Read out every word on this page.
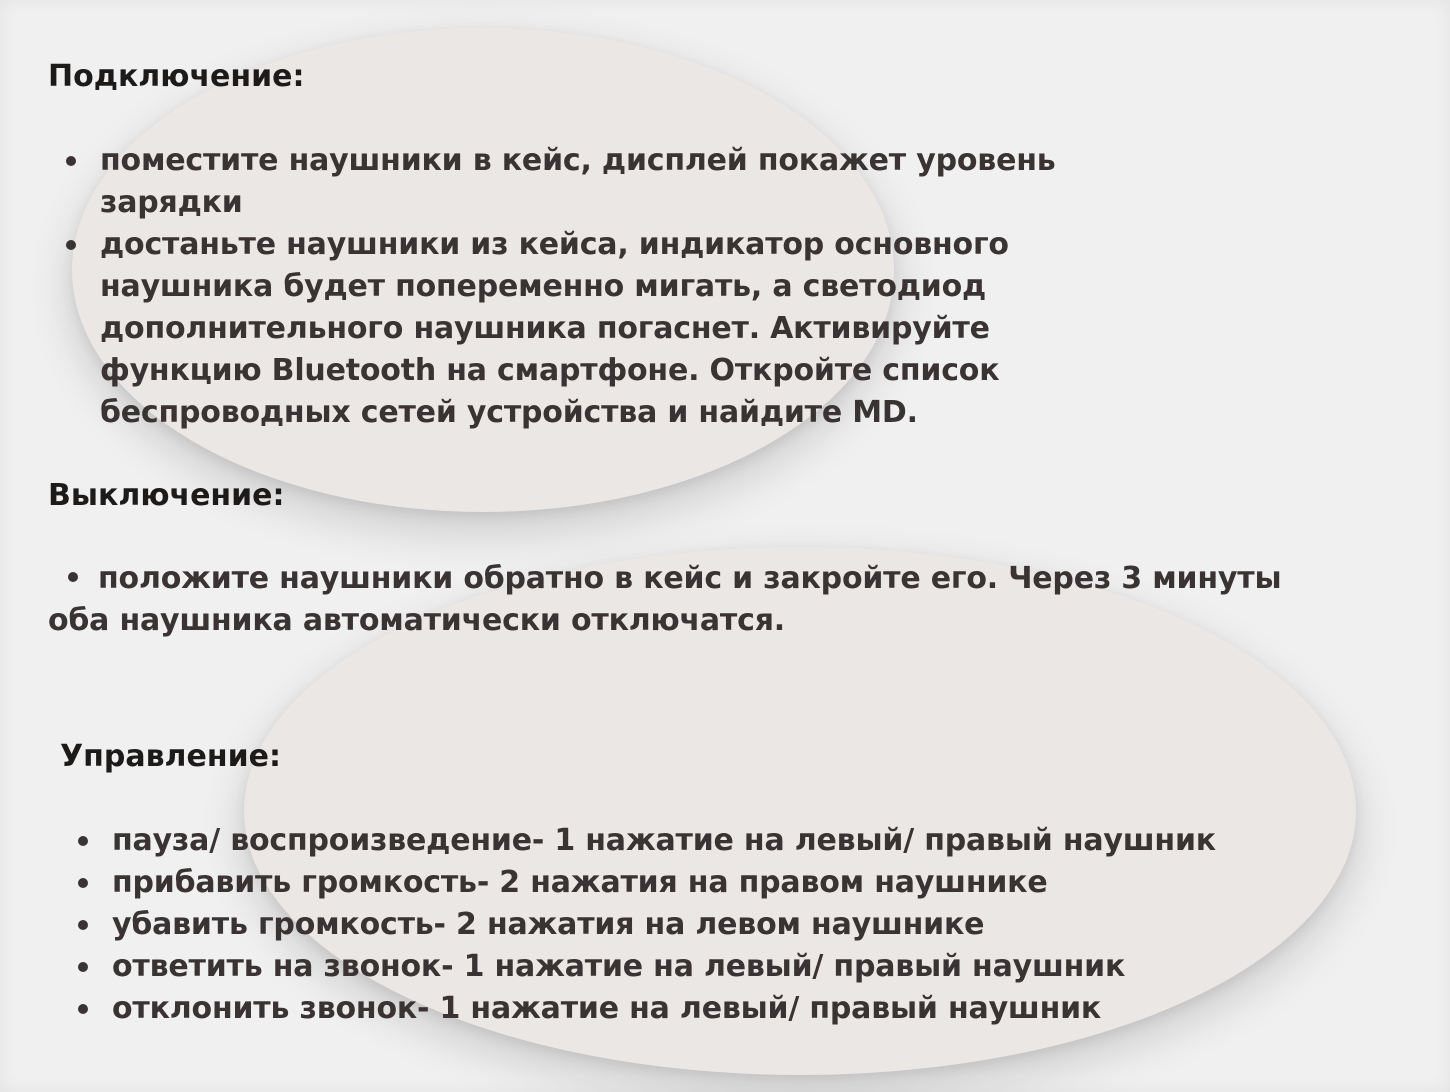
Подключение:
поместите наушники в кейс, дисплей покажет уровень
зарядки
достаньте наушники из кейса, индикатор основного
наушника будет попеременно мигать, а светодиод
дополнительного наушника погаснет. Активируйте
функцию Bluetooth на смартфоне. Откройте список
беспроводных сетей устройства и найдите MD.
Выключение:

положите наушники обратно в кейс и закройте его. Через 3 минуты
оба наушника автоматически отключатся.

Управление:
пауза/ воспроизведение- 1 нажатие на левый/ правый наушник
прибавить громкость- 2 нажатия на правом наушнике
убавить громкость- 2 нажатия на левом наушнике
ответить на звонок- 1 нажатие на левый/ правый наушник
отклонить звонок- 1 нажатие на левый/ правый наушник
